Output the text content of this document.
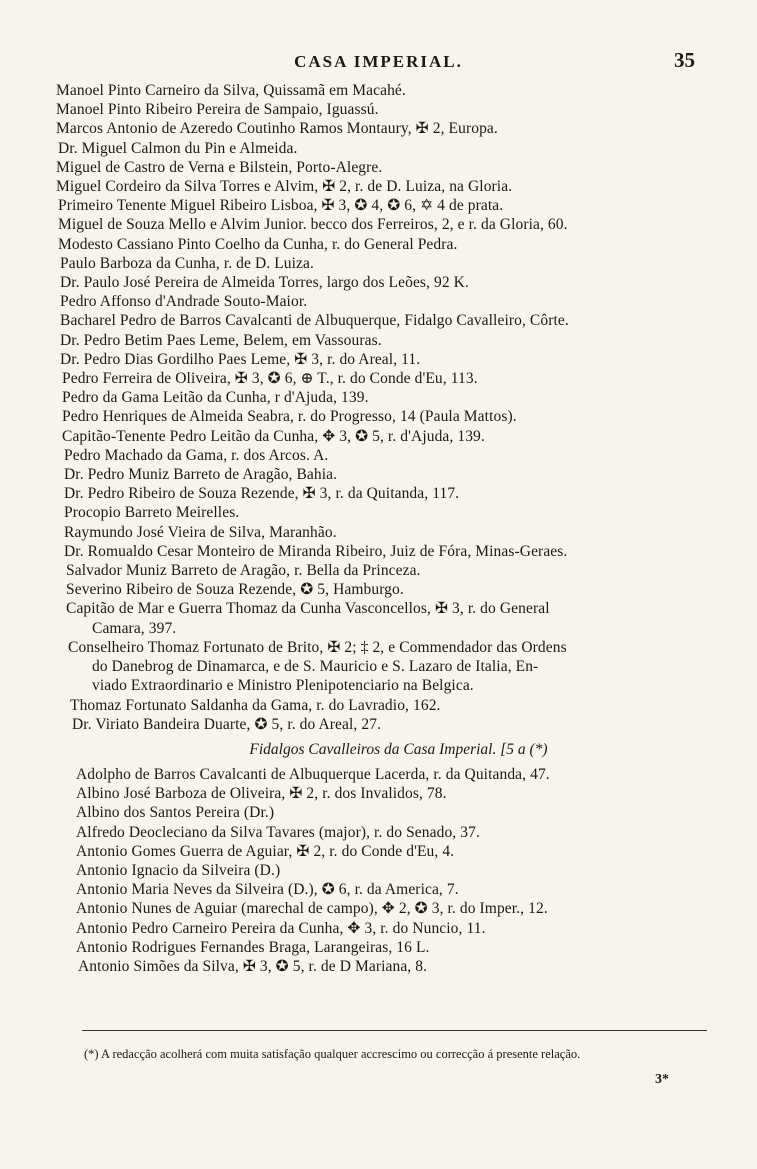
CASA IMPERIAL.	35
Manoel Pinto Carneiro da Silva, Quissamã em Macahé.
Manoel Pinto Ribeiro Pereira de Sampaio, Iguassú.
Marcos Antonio de Azeredo Coutinho Ramos Montaury, ✠ 2, Europa.
Dr. Miguel Calmon du Pin e Almeida.
Miguel de Castro de Verna e Bilstein, Porto-Alegre.
Miguel Cordeiro da Silva Torres e Alvim, ✠ 2, r. de D. Luiza, na Gloria.
Primeiro Tenente Miguel Ribeiro Lisboa, ✠ 3, ✪ 4, ✪ 6, ✡ 4 de prata.
Miguel de Souza Mello e Alvim Junior. becco dos Ferreiros, 2, e r. da Gloria, 60.
Modesto Cassiano Pinto Coelho da Cunha, r. do General Pedra.
Paulo Barboza da Cunha, r. de D. Luiza.
Dr. Paulo José Pereira de Almeida Torres, largo dos Leões, 92 K.
Pedro Affonso d'Andrade Souto-Maior.
Bacharel Pedro de Barros Cavalcanti de Albuquerque, Fidalgo Cavalleiro, Côrte.
Dr. Pedro Betim Paes Leme, Belem, em Vassouras.
Dr. Pedro Dias Gordilho Paes Leme, ✠ 3, r. do Areal, 11.
Pedro Ferreira de Oliveira, ✠ 3, ✪ 6, ⊕ T., r. do Conde d'Eu, 113.
Pedro da Gama Leitão da Cunha, r d'Ajuda, 139.
Pedro Henriques de Almeida Seabra, r. do Progresso, 14 (Paula Mattos).
Capitão-Tenente Pedro Leitão da Cunha, ✥ 3, ✪ 5, r. d'Ajuda, 139.
Pedro Machado da Gama, r. dos Arcos. A.
Dr. Pedro Muniz Barreto de Aragão, Bahia.
Dr. Pedro Ribeiro de Souza Rezende, ✠ 3, r. da Quitanda, 117.
Procopio Barreto Meirelles.
Raymundo José Vieira de Silva, Maranhão.
Dr. Romualdo Cesar Monteiro de Miranda Ribeiro, Juiz de Fóra, Minas-Geraes.
Salvador Muniz Barreto de Aragão, r. Bella da Princeza.
Severino Ribeiro de Souza Rezende, ✪ 5, Hamburgo.
Capitão de Mar e Guerra Thomaz da Cunha Vasconcellos, ✠ 3, r. do General
Camara, 397.
Conselheiro Thomaz Fortunato de Brito, ✠ 2; ‡ 2, e Commendador das Ordens
do Danebrog de Dinamarca, e de S. Mauricio e S. Lazaro de Italia, En-
viado Extraordinario e Ministro Plenipotenciario na Belgica.
Thomaz Fortunato Saldanha da Gama, r. do Lavradio, 162.
Dr. Viriato Bandeira Duarte, ✪ 5, r. do Areal, 27.
Fidalgos Cavalleiros da Casa Imperial. [5 a (*)
Adolpho de Barros Cavalcanti de Albuquerque Lacerda, r. da Quitanda, 47.
Albino José Barboza de Oliveira, ✠ 2, r. dos Invalidos, 78.
Albino dos Santos Pereira (Dr.)
Alfredo Deocleciano da Silva Tavares (major), r. do Senado, 37.
Antonio Gomes Guerra de Aguiar, ✠ 2, r. do Conde d'Eu, 4.
Antonio Ignacio da Silveira (D.)
Antonio Maria Neves da Silveira (D.), ✪ 6, r. da America, 7.
Antonio Nunes de Aguiar (marechal de campo), ✥ 2, ✪ 3, r. do Imper., 12.
Antonio Pedro Carneiro Pereira da Cunha, ✥ 3, r. do Nuncio, 11.
Antonio Rodrigues Fernandes Braga, Larangeiras, 16 L.
Antonio Simões da Silva, ✠ 3, ✪ 5, r. de D Mariana, 8.
(*) A redacção acolherá com muita satisfação qualquer accrescimo ou correcção á presente relação.
3*
